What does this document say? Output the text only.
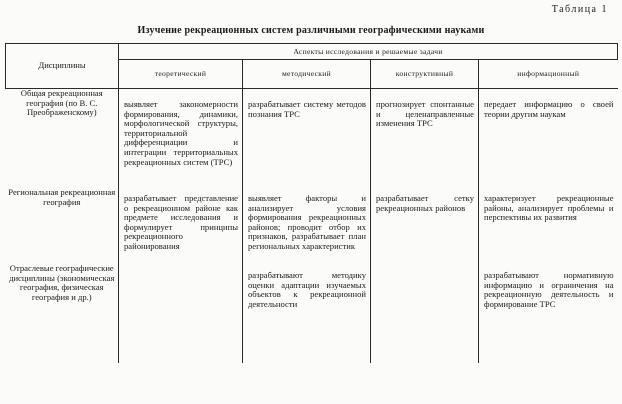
Таблица 1
Изучение рекреационных систем различными географическими науками
Дисциплины	Аспекты исследования и решаемые задачи			
	теоретический	методический	конструктивный	информационный

Общая рекреационная география (по В. С. Преображенскому)	выявляет закономерности формирования, динамики, морфологической структуры, территориальной дифференциации и интеграции территориальных рекреационных систем (ТРС)	разрабатывает систему методов познания ТРС	прогнозирует спонтанные и целенаправленные изменения ТРС	передает информацию о своей теории другим наукам

Региональная рекреационная география	разрабатывает представление о рекреационном районе как предмете исследования и формулирует принципы рекреационного районирования	выявляет факторы и анализирует условия формирования рекреационных районов; проводит отбор их признаков, разрабатывает план региональных характеристик	разрабатывает сетку рекреационных районов	характеризует рекреационные районы, анализирует проблемы и перспективы их развития

Отраслевые географические дисциплины (экономическая география, физическая география и др.)		разрабатывают методику оценки адаптации изучаемых объектов к рекреационной деятельности		разрабатывают нормативную информацию и ограничения на рекреационную деятельность и формирование ТРС
